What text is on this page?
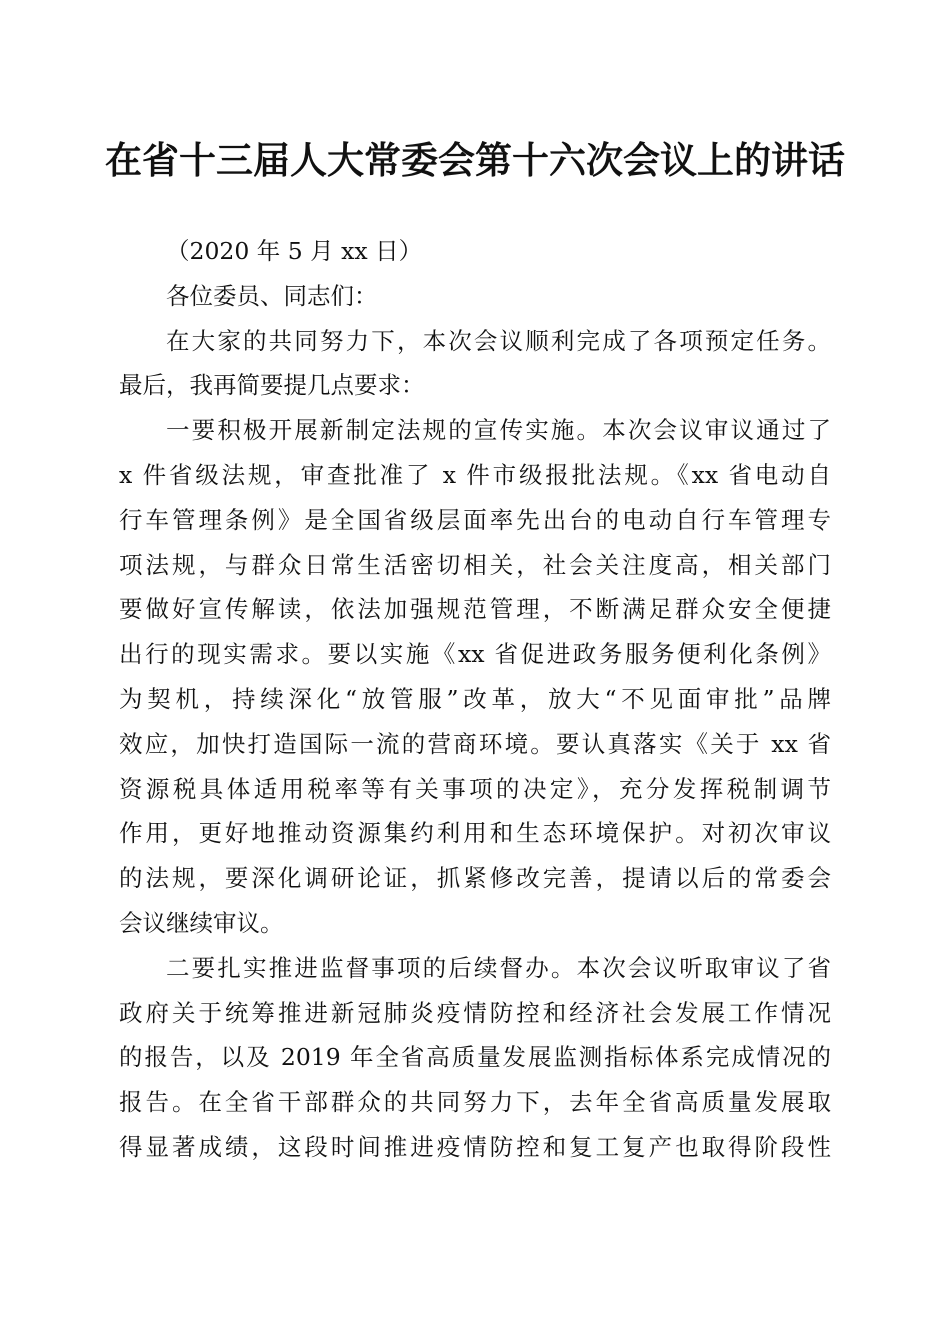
在省十三届人大常委会第十六次会议上的讲话
（2020 年 5 月 xx 日）
各位委员、同志们：
在大家的共同努力下，本次会议顺利完成了各项预定任务。
最后，我再简要提几点要求：
一要积极开展新制定法规的宣传实施。本次会议审议通过了
x 件省级法规，审查批准了 x 件市级报批法规。《xx 省电动自
行车管理条例》是全国省级层面率先出台的电动自行车管理专
项法规，与群众日常生活密切相关，社会关注度高，相关部门
要做好宣传解读，依法加强规范管理，不断满足群众安全便捷
出行的现实需求。要以实施《xx 省促进政务服务便利化条例》
为契机，持续深化“放管服”改革，放大“不见面审批”品牌
效应，加快打造国际一流的营商环境。要认真落实《关于 xx 省
资源税具体适用税率等有关事项的决定》，充分发挥税制调节
作用，更好地推动资源集约利用和生态环境保护。对初次审议
的法规，要深化调研论证，抓紧修改完善，提请以后的常委会
会议继续审议。
二要扎实推进监督事项的后续督办。本次会议听取审议了省
政府关于统筹推进新冠肺炎疫情防控和经济社会发展工作情况
的报告，以及 2019 年全省高质量发展监测指标体系完成情况的
报告。在全省干部群众的共同努力下，去年全省高质量发展取
得显著成绩，这段时间推进疫情防控和复工复产也取得阶段性
